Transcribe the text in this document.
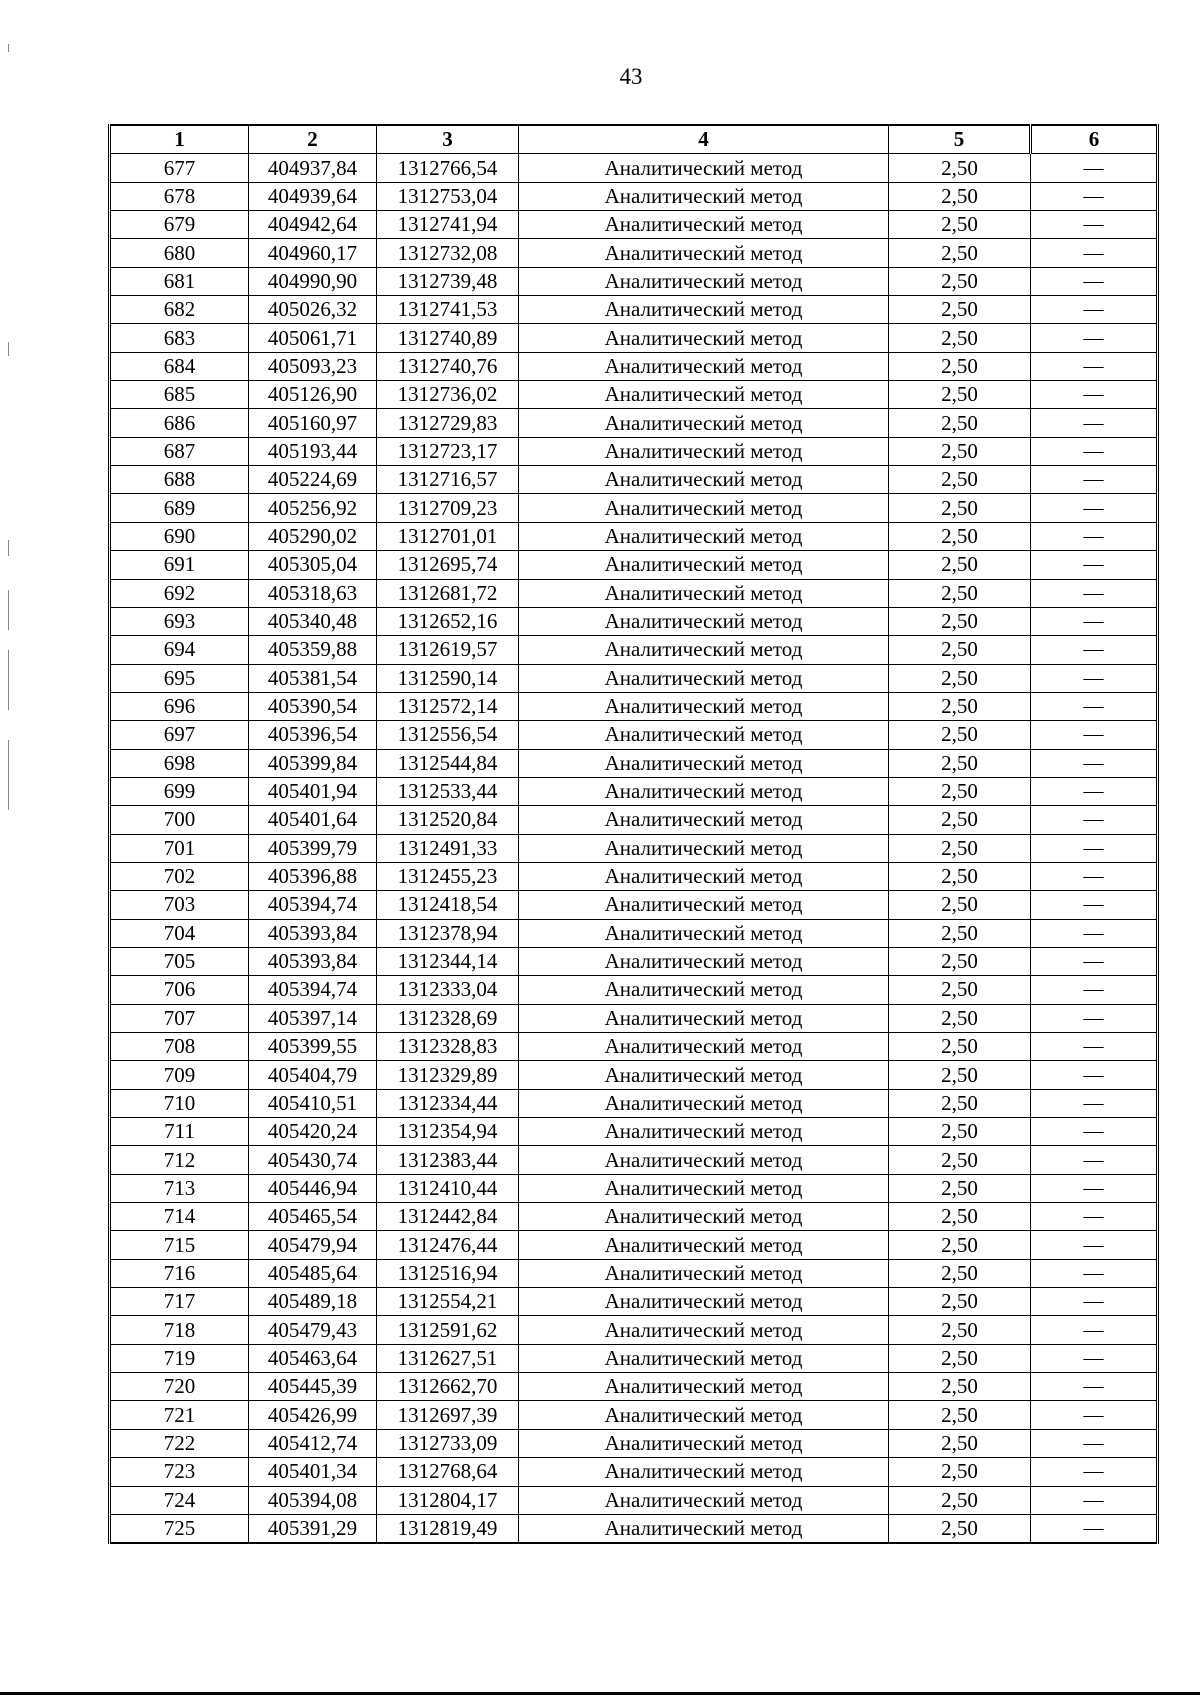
43
1	2	3	4	5	6
677	404937,84	1312766,54	Аналитический метод	2,50	—
678	404939,64	1312753,04	Аналитический метод	2,50	—
679	404942,64	1312741,94	Аналитический метод	2,50	—
680	404960,17	1312732,08	Аналитический метод	2,50	—
681	404990,90	1312739,48	Аналитический метод	2,50	—
682	405026,32	1312741,53	Аналитический метод	2,50	—
683	405061,71	1312740,89	Аналитический метод	2,50	—
684	405093,23	1312740,76	Аналитический метод	2,50	—
685	405126,90	1312736,02	Аналитический метод	2,50	—
686	405160,97	1312729,83	Аналитический метод	2,50	—
687	405193,44	1312723,17	Аналитический метод	2,50	—
688	405224,69	1312716,57	Аналитический метод	2,50	—
689	405256,92	1312709,23	Аналитический метод	2,50	—
690	405290,02	1312701,01	Аналитический метод	2,50	—
691	405305,04	1312695,74	Аналитический метод	2,50	—
692	405318,63	1312681,72	Аналитический метод	2,50	—
693	405340,48	1312652,16	Аналитический метод	2,50	—
694	405359,88	1312619,57	Аналитический метод	2,50	—
695	405381,54	1312590,14	Аналитический метод	2,50	—
696	405390,54	1312572,14	Аналитический метод	2,50	—
697	405396,54	1312556,54	Аналитический метод	2,50	—
698	405399,84	1312544,84	Аналитический метод	2,50	—
699	405401,94	1312533,44	Аналитический метод	2,50	—
700	405401,64	1312520,84	Аналитический метод	2,50	—
701	405399,79	1312491,33	Аналитический метод	2,50	—
702	405396,88	1312455,23	Аналитический метод	2,50	—
703	405394,74	1312418,54	Аналитический метод	2,50	—
704	405393,84	1312378,94	Аналитический метод	2,50	—
705	405393,84	1312344,14	Аналитический метод	2,50	—
706	405394,74	1312333,04	Аналитический метод	2,50	—
707	405397,14	1312328,69	Аналитический метод	2,50	—
708	405399,55	1312328,83	Аналитический метод	2,50	—
709	405404,79	1312329,89	Аналитический метод	2,50	—
710	405410,51	1312334,44	Аналитический метод	2,50	—
711	405420,24	1312354,94	Аналитический метод	2,50	—
712	405430,74	1312383,44	Аналитический метод	2,50	—
713	405446,94	1312410,44	Аналитический метод	2,50	—
714	405465,54	1312442,84	Аналитический метод	2,50	—
715	405479,94	1312476,44	Аналитический метод	2,50	—
716	405485,64	1312516,94	Аналитический метод	2,50	—
717	405489,18	1312554,21	Аналитический метод	2,50	—
718	405479,43	1312591,62	Аналитический метод	2,50	—
719	405463,64	1312627,51	Аналитический метод	2,50	—
720	405445,39	1312662,70	Аналитический метод	2,50	—
721	405426,99	1312697,39	Аналитический метод	2,50	—
722	405412,74	1312733,09	Аналитический метод	2,50	—
723	405401,34	1312768,64	Аналитический метод	2,50	—
724	405394,08	1312804,17	Аналитический метод	2,50	—
725	405391,29	1312819,49	Аналитический метод	2,50	—
